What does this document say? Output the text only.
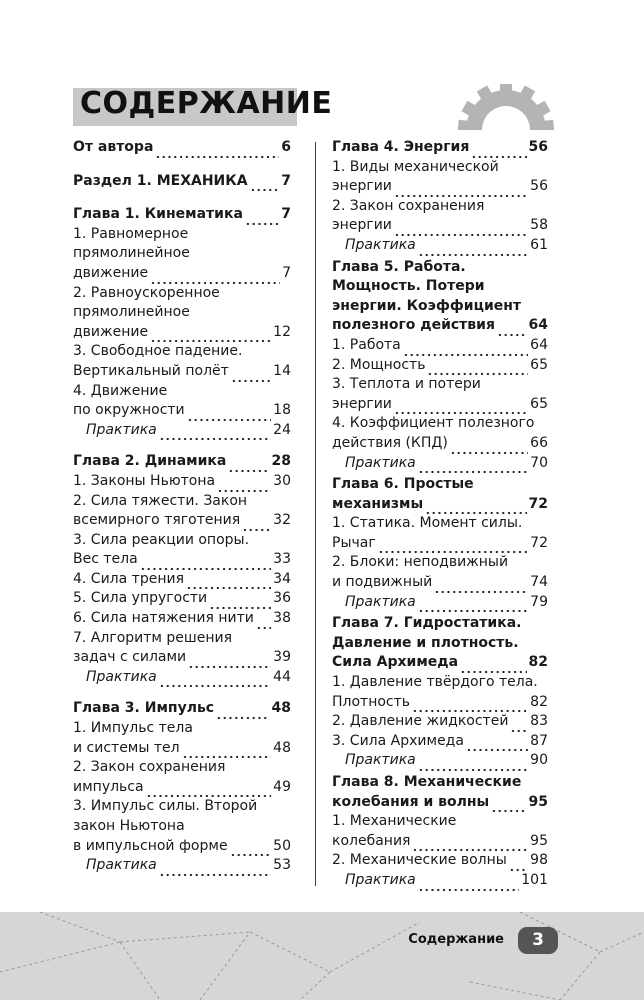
СОДЕРЖАНИЕ
От автора	6
Раздел 1. МЕХАНИКА 7
Глава 1. Кинематика	7
1. Равномерное
прямолинейное
движение	7
2. Равноускоренное
прямолинейное
движение	12
3. Свободное падение.
Вертикальный полёт	14
4. Движение
по окружности	18
Практика	24
Глава 2. Динамика	28
1. Законы Ньютона	30
2. Сила тяжести. Закон
всемирного тяготения 32
3. Сила реакции опоры.
Вес тела	33
4. Сила трения	34
5. Сила упругости	36
6. Сила натяжения нити 38
7. Алгоритм решения
задач с силами	39
Практика	44
Глава 3. Импульс	48
1. Импульс тела
и системы тел	48
2. Закон сохранения
импульса	49
3. Импульс силы. Второй
закон Ньютона
в импульсной форме	50
Практика	53
Глава 4. Энергия	56
1. Виды механической
энергии	56
2. Закон сохранения
энергии	58
Практика	61
Глава 5. Работа.
Мощность. Потери
энергии. Коэффициент
полезного действия 64
1. Работа	64
2. Мощность	65
3. Теплота и потери
энергии	65
4. Коэффициент полезного
действия (КПД)	66
Практика	70
Глава 6. Простые
механизмы	72
1. Статика. Момент силы.
Рычаг	72
2. Блоки: неподвижный
и подвижный	74
Практика	79
Глава 7. Гидростатика.
Давление и плотность.
Сила Архимеда	82
1. Давление твёрдого тела.
Плотность	82
2. Давление жидкостей 83
3. Сила Архимеда	87
Практика	90
Глава 8. Механические
колебания и волны	95
1. Механические
колебания	95
2. Механические волны 98
Практика	101
Содержание	3
